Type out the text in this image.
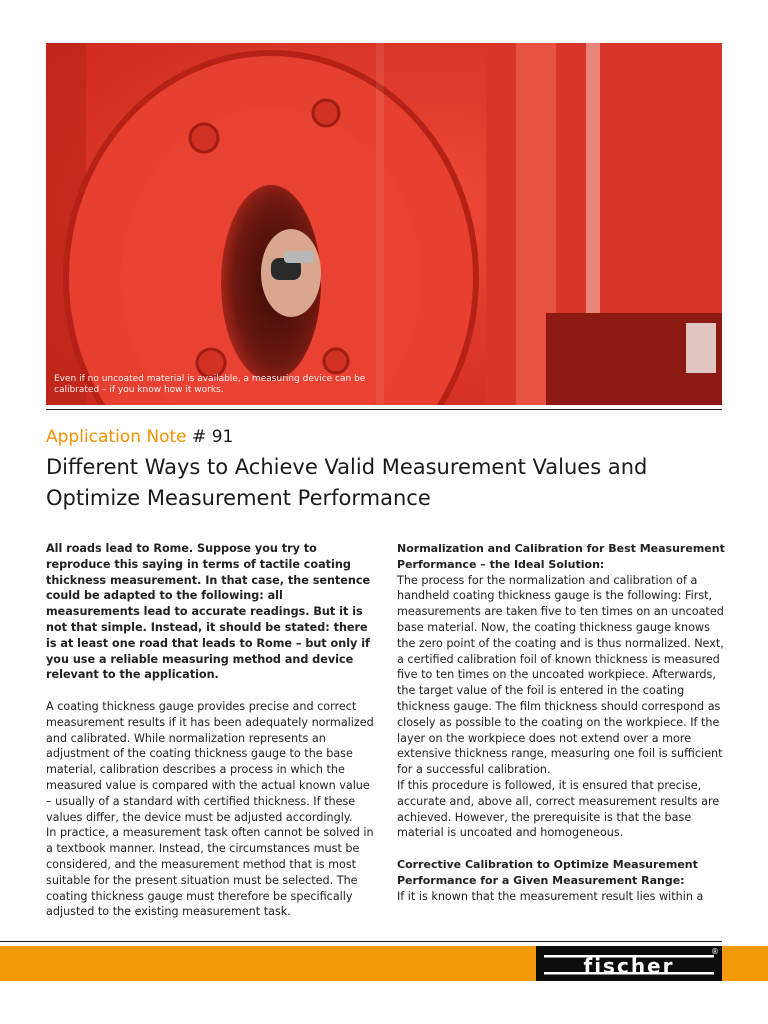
Even if no uncoated material is available, a measuring device can be calibrated – if you know how it works.
Application Note # 91
Different Ways to Achieve Valid Measurement Values and Optimize Measurement Performance

All roads lead to Rome. Suppose you try to reproduce this saying in terms of tactile coating thickness measurement. In that case, the sentence could be adapted to the following: all measurements lead to accurate readings. But it is not that simple. Instead, it should be stated: there is at least one road that leads to Rome – but only if you use a reliable measuring method and device relevant to the application.

A coating thickness gauge provides precise and correct measurement results if it has been adequately normalized and calibrated. While normalization represents an adjustment of the coating thickness gauge to the base material, calibration describes a process in which the measured value is compared with the actual known value – usually of a standard with certified thickness. If these values differ, the device must be adjusted accordingly.

In practice, a measurement task often cannot be solved in a textbook manner. Instead, the circumstances must be considered, and the measurement method that is most suitable for the present situation must be selected. The coating thickness gauge must therefore be specifically adjusted to the existing measurement task.

Normalization and Calibration for Best Measurement Performance – the Ideal Solution:

The process for the normalization and calibration of a handheld coating thickness gauge is the following: First, measurements are taken five to ten times on an uncoated base material. Now, the coating thickness gauge knows the zero point of the coating and is thus normalized. Next, a certified calibration foil of known thickness is measured five to ten times on the uncoated workpiece. Afterwards, the target value of the foil is entered in the coating thickness gauge. The film thickness should correspond as closely as possible to the coating on the workpiece. If the layer on the workpiece does not extend over a more extensive thickness range, measuring one foil is sufficient for a successful calibration.

If this procedure is followed, it is ensured that precise, accurate and, above all, correct measurement results are achieved. However, the prerequisite is that the base material is uncoated and homogeneous.

Corrective Calibration to Optimize Measurement Performance for a Given Measurement Range:

If it is known that the measurement result lies within a

fischer
®
